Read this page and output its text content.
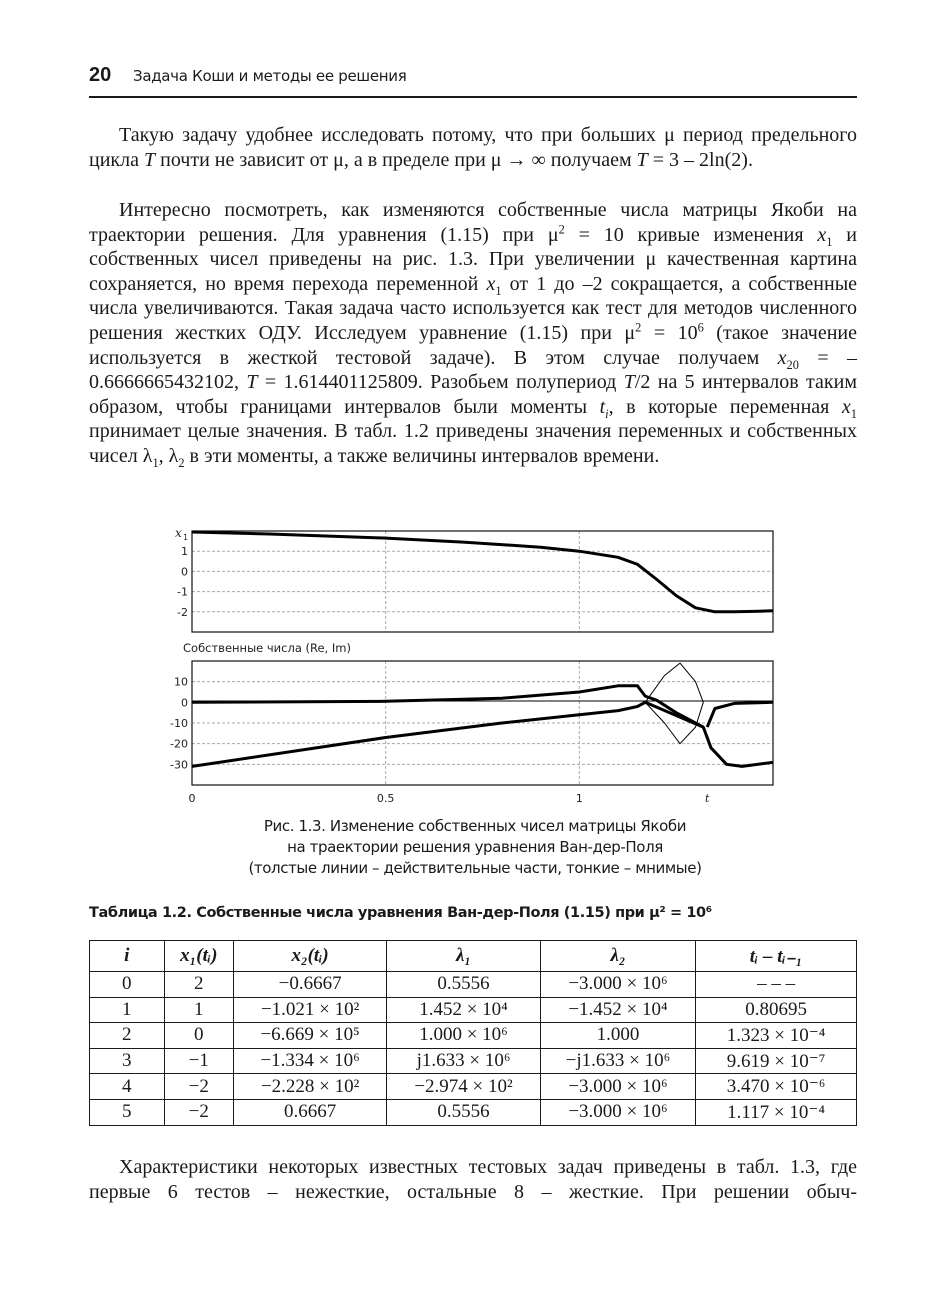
20 Задача Коши и методы ее решения

Такую задачу удобнее исследовать потому, что при больших μ период предельного цикла T почти не зависит от μ, а в пределе при μ → ∞ получаем T = 3 – 2ln(2).

Интересно посмотреть, как изменяются собственные числа матрицы Якоби на траектории решения. Для уравнения (1.15) при $\mu^2 = 10$ кривые изменения $x_1$ и собственных чисел приведены на рис. 1.3. При увеличении μ качественная картина сохраняется, но время перехода переменной $x_1$ от 1 до –2 сокращается, а собственные числа увеличиваются. Такая задача часто используется как тест для методов численного решения жестких ОДУ. Исследуем уравнение (1.15) при $\mu^2 = 10^6$ (такое значение используется в жесткой тестовой задаче). В этом случае получаем $x_{20} = -0.6666665432102$, T = 1.614401125809. Разобьем полупериод T/2 на 5 интервалов таким образом, чтобы границами интервалов были моменты $t_i$, в которые переменная $x_1$ принимает целые значения. В табл. 1.2 приведены значения переменных и собственных чисел $\lambda_1$, $\lambda_2$ в эти моменты, а также величины интервалов времени.

x 1
1
0
-1
-2
Собственные числа (Re, Im)
10
0
-10
-20
-30
0	0.5	1	t
Рис. 1.3. Изменение собственных чисел матрицы Якоби
на траектории решения уравнения Ван-дер-Поля
(толстые линии – действительные части, тонкие – мнимые)
Таблица 1.2. Собственные числа уравнения Ван-дер-Поля (1.15) при μ² = 10⁶
i	x₁(tᵢ)	x₂(tᵢ)	λ₁	λ₂	tᵢ – tᵢ₋₁
0	2	−0.6667	0.5556	−3.000 × 10⁶	– – –
1	1	−1.021 × 10²	1.452 × 10⁴	−1.452 × 10⁴	0.80695
2	0	−6.669 × 10⁵	1.000 × 10⁶	1.000	1.323 × 10⁻⁴
3	−1	−1.334 × 10⁶	j1.633 × 10⁶	−j1.633 × 10⁶	9.619 × 10⁻⁷
4	−2	−2.228 × 10²	−2.974 × 10²	−3.000 × 10⁶	3.470 × 10⁻⁶
5	−2	0.6667	0.5556	−3.000 × 10⁶	1.117 × 10⁻⁴

Характеристики некоторых известных тестовых задач приведены в табл. 1.3, где первые 6 тестов – нежесткие, остальные 8 – жесткие. При решении обыч-
